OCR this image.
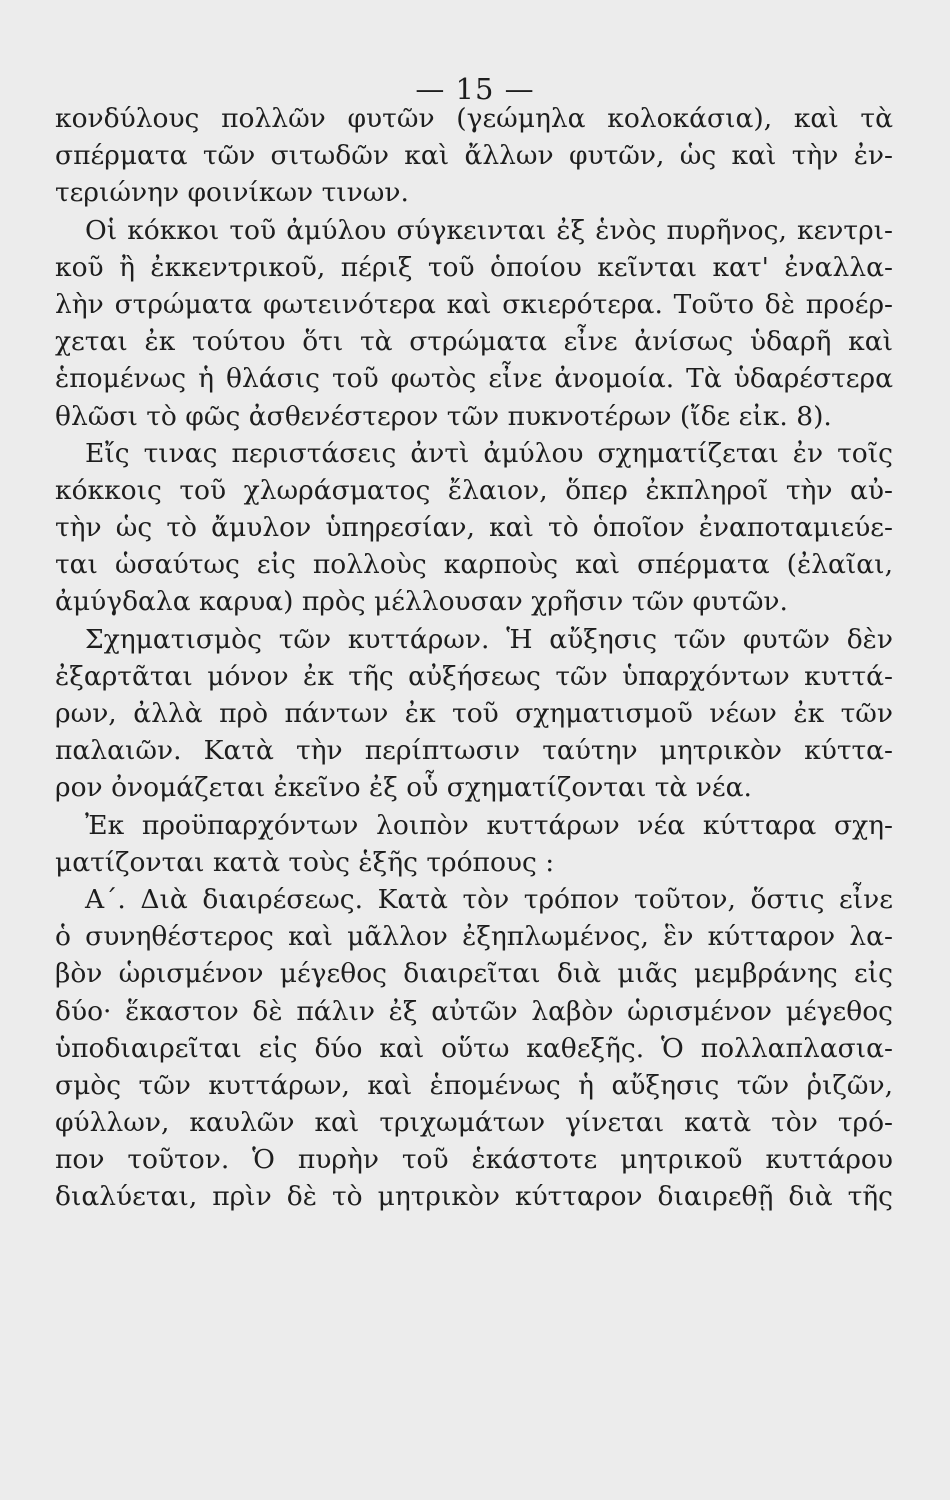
— 15 —
κονδύλους πολλῶν φυτῶν (γεώμηλα κολοκάσια), καὶ τὰ
σπέρματα τῶν σιτωδῶν καὶ ἄλλων φυτῶν, ὡς καὶ τὴν ἐν-
τεριώνην φοινίκων τινων.
Οἱ κόκκοι τοῦ ἀμύλου σύγκεινται ἐξ ἑνὸς πυρῆνος, κεντρι-
κοῦ ἢ ἐκκεντρικοῦ, πέριξ τοῦ ὁποίου κεῖνται κατ' ἐναλλα-
λὴν στρώματα φωτεινότερα καὶ σκιερότερα. Τοῦτο δὲ προέρ-
χεται ἐκ τούτου ὅτι τὰ στρώματα εἶνε ἀνίσως ὑδαρῆ καὶ
ἑπομένως ἡ θλάσις τοῦ φωτὸς εἶνε ἀνομοία. Τὰ ὑδαρέστερα
θλῶσι τὸ φῶς ἀσθενέστερον τῶν πυκνοτέρων (ἴδε εἰκ. 8).
Εἴς τινας περιστάσεις ἀντὶ ἀμύλου σχηματίζεται ἐν τοῖς
κόκκοις τοῦ χλωράσματος ἔλαιον, ὅπερ ἐκπληροῖ τὴν αὐ-
τὴν ὡς τὸ ἄμυλον ὑπηρεσίαν, καὶ τὸ ὁποῖον ἐναποταμιεύε-
ται ὡσαύτως εἰς πολλοὺς καρποὺς καὶ σπέρματα (ἐλαῖαι,
ἀμύγδαλα καρυα) πρὸς μέλλουσαν χρῆσιν τῶν φυτῶν.
Σχηματισμὸς τῶν κυττάρων. Ἡ αὔξησις τῶν φυτῶν δὲν
ἐξαρτᾶται μόνον ἐκ τῆς αὐξήσεως τῶν ὑπαρχόντων κυττά-
ρων, ἀλλὰ πρὸ πάντων ἐκ τοῦ σχηματισμοῦ νέων ἐκ τῶν
παλαιῶν. Κατὰ τὴν περίπτωσιν ταύτην μητρικὸν κύττα-
ρον ὀνομάζεται ἐκεῖνο ἐξ οὗ σχηματίζονται τὰ νέα.
Ἐκ προϋπαρχόντων λοιπὸν κυττάρων νέα κύτταρα σχη-
ματίζονται κατὰ τοὺς ἑξῆς τρόπους :
Α΄. Διὰ διαιρέσεως. Κατὰ τὸν τρόπον τοῦτον, ὅστις εἶνε
ὁ συνηθέστερος καὶ μᾶλλον ἐξηπλωμένος, ἓν κύτταρον λα-
βὸν ὡρισμένον μέγεθος διαιρεῖται διὰ μιᾶς μεμβράνης εἰς
δύο· ἕκαστον δὲ πάλιν ἐξ αὐτῶν λαβὸν ὡρισμένον μέγεθος
ὑποδιαιρεῖται εἰς δύο καὶ οὕτω καθεξῆς. Ὁ πολλαπλασια-
σμὸς τῶν κυττάρων, καὶ ἑπομένως ἡ αὔξησις τῶν ῥιζῶν,
φύλλων, καυλῶν καὶ τριχωμάτων γίνεται κατὰ τὸν τρό-
πον τοῦτον. Ὁ πυρὴν τοῦ ἑκάστοτε μητρικοῦ κυττάρου
διαλύεται, πρὶν δὲ τὸ μητρικὸν κύτταρον διαιρεθῇ διὰ τῆς
